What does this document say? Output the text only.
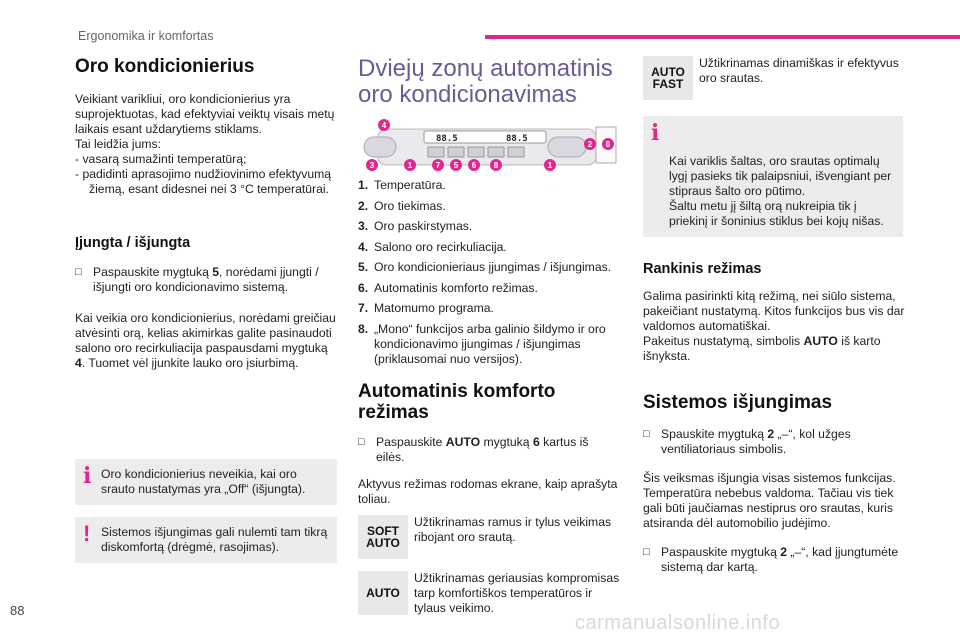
Ergonomika ir komfortas
88
carmanualsonline.info
Oro kondicionierius

Veikiant varikliui, oro kondicionierius yra suprojektuotas, kad efektyviai veiktų visais metų laikais esant uždarytiems stiklams.

Tai leidžia jums:

- vasarą sumažinti temperatūrą;

- padidinti aprasojimo nudžiovinimo efektyvumą žiemą, esant didesnei nei 3 °C temperatūrai.

Įjungta / išjungta
□ Paspauskite mygtuką 5, norėdami įjungti / išjungti oro kondicionavimo sistemą.

Kai veikia oro kondicionierius, norėdami greičiau atvėsinti orą, kelias akimirkas galite pasinaudoti salono oro recirkuliacija paspausdami mygtuką 4. Tuomet vėl įjunkite lauko oro įsiurbimą.

i Oro kondicionierius neveikia, kai oro srauto nustatymas yra „Off“ (išjungta).
! Sistemos išjungimas gali nulemti tam tikrą diskomfortą (drėgmė, rasojimas).
Dviejų zonų automatinis
oro kondicionavimas
88.5	88.5
4
3	1	7 5 6 8	1
2 8
1. Temperatūra.
2. Oro tiekimas.
3. Oro paskirstymas.
4. Salono oro recirkuliacija.
5. Oro kondicionieriaus įjungimas / išjungimas.
6. Automatinis komforto režimas.
7. Matomumo programa.
8. „Mono“ funkcijos arba galinio šildymo ir oro kondicionavimo įjungimas / išjungimas (priklausomai nuo versijos).
Automatinis komforto režimas
□ Paspauskite AUTO mygtuką 6 kartus iš eilės.

Aktyvus režimas rodomas ekrane, kaip aprašyta toliau.

SOFT
AUTO
Užtikrinamas ramus ir tylus veikimas ribojant oro srautą.
AUTO
Užtikrinamas geriausias kompromisas tarp komfortiškos temperatūros ir tylaus veikimo.
AUTO
FAST
Užtikrinamas dinamiškas ir efektyvus oro srautas.

i

Kai variklis šaltas, oro srautas optimalų lygį pasieks tik palaipsniui, išvengiant per stipraus šalto oro pūtimo.
Šaltu metu jį šiltą orą nukreipia tik į priekinį ir šoninius stiklus bei kojų nišas.

Rankinis režimas

Galima pasirinkti kitą režimą, nei siūlo sistema, pakeičiant nustatymą. Kitos funkcijos bus vis dar valdomos automatiškai.

Pakeitus nustatymą, simbolis AUTO iš karto išnyksta.

Sistemos išjungimas
□ Spauskite mygtuką 2 „–“, kol užges ventiliatoriaus simbolis.

Šis veiksmas išjungia visas sistemos funkcijas. Temperatūra nebebus valdoma. Tačiau vis tiek gali būti jaučiamas nestiprus oro srautas, kuris atsiranda dėl automobilio judėjimo.

□ Paspauskite mygtuką 2 „–“, kad įjungtumėte sistemą dar kartą.
